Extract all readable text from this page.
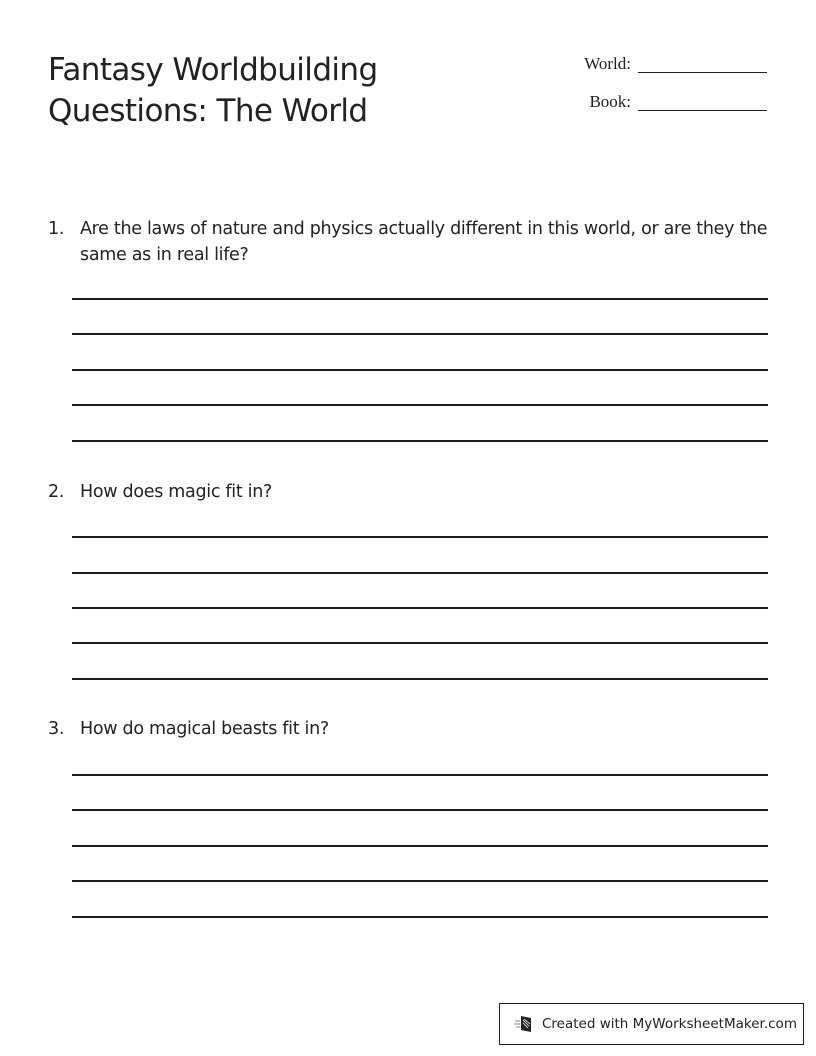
Fantasy Worldbuilding
Questions: The World
World:
Book:
1. Are the laws of nature and physics actually different in this world, or are they the same as in real life?
2. How does magic fit in?
3. How do magical beasts fit in?
Created with MyWorksheetMaker.com
